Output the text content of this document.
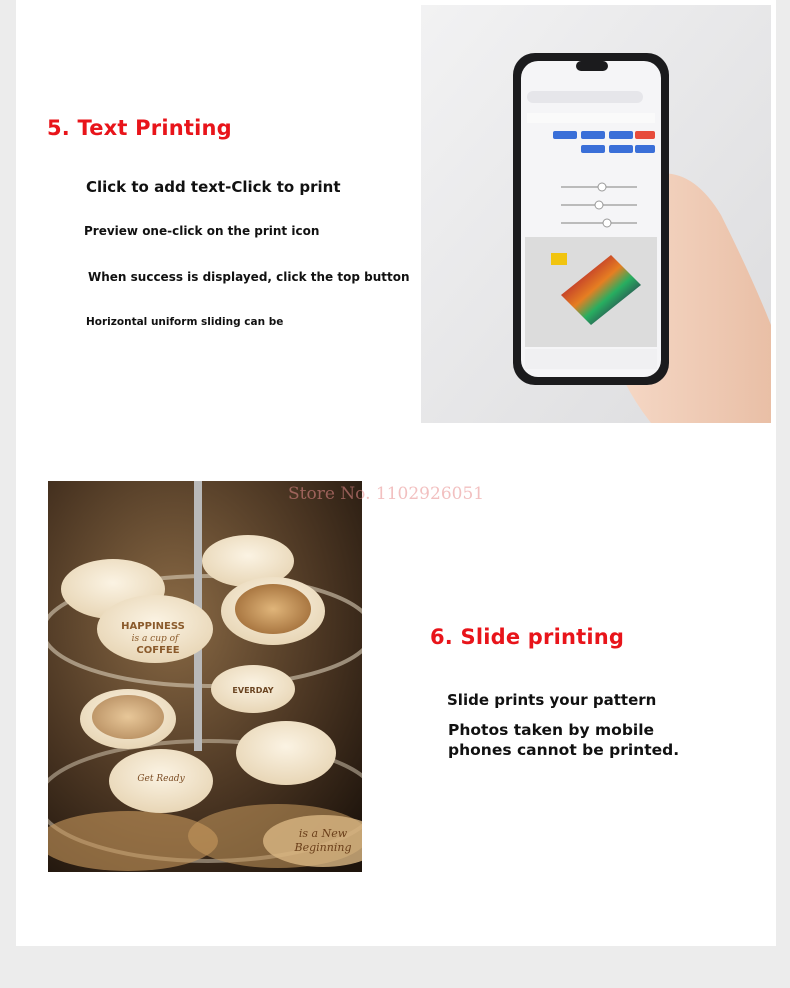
5. Text Printing

Click to add text-Click to print

Preview one-click on the print icon

When success is displayed, click the top button

Horizontal uniform sliding can be

HAPPINESS
is a cup of
COFFEE
EVERDAY
Get Ready
is a New
Beginning
Store No. 1102926051
6. Slide printing

Slide prints your pattern

Photos taken by mobile

phones cannot be printed.
